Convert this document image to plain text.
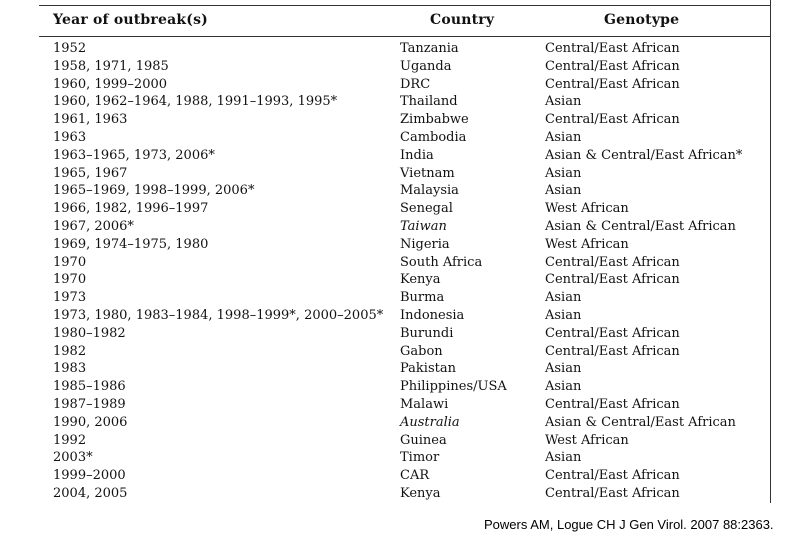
Year of outbreak(s)	Country	Genotype
1952	Tanzania	Central/East African
1958, 1971, 1985	Uganda	Central/East African
1960, 1999–2000	DRC	Central/East African
1960, 1962–1964, 1988, 1991–1993, 1995*	Thailand	Asian
1961, 1963	Zimbabwe	Central/East African
1963	Cambodia	Asian
1963–1965, 1973, 2006*	India	Asian & Central/East African*
1965, 1967	Vietnam	Asian
1965–1969, 1998–1999, 2006*	Malaysia	Asian
1966, 1982, 1996–1997	Senegal	West African
1967, 2006*	Taiwan	Asian & Central/East African
1969, 1974–1975, 1980	Nigeria	West African
1970	South Africa	Central/East African
1970	Kenya	Central/East African
1973	Burma	Asian
1973, 1980, 1983–1984, 1998–1999*, 2000–2005* Indonesia	Asian
1980–1982	Burundi	Central/East African
1982	Gabon	Central/East African
1983	Pakistan	Asian
1985–1986	Philippines/USA	Asian
1987–1989	Malawi	Central/East African
1990, 2006	Australia	Asian & Central/East African
1992	Guinea	West African
2003*	Timor	Asian
1999–2000	CAR	Central/East African
2004, 2005	Kenya	Central/East African
Powers AM, Logue CH J Gen Virol. 2007 88:2363.
